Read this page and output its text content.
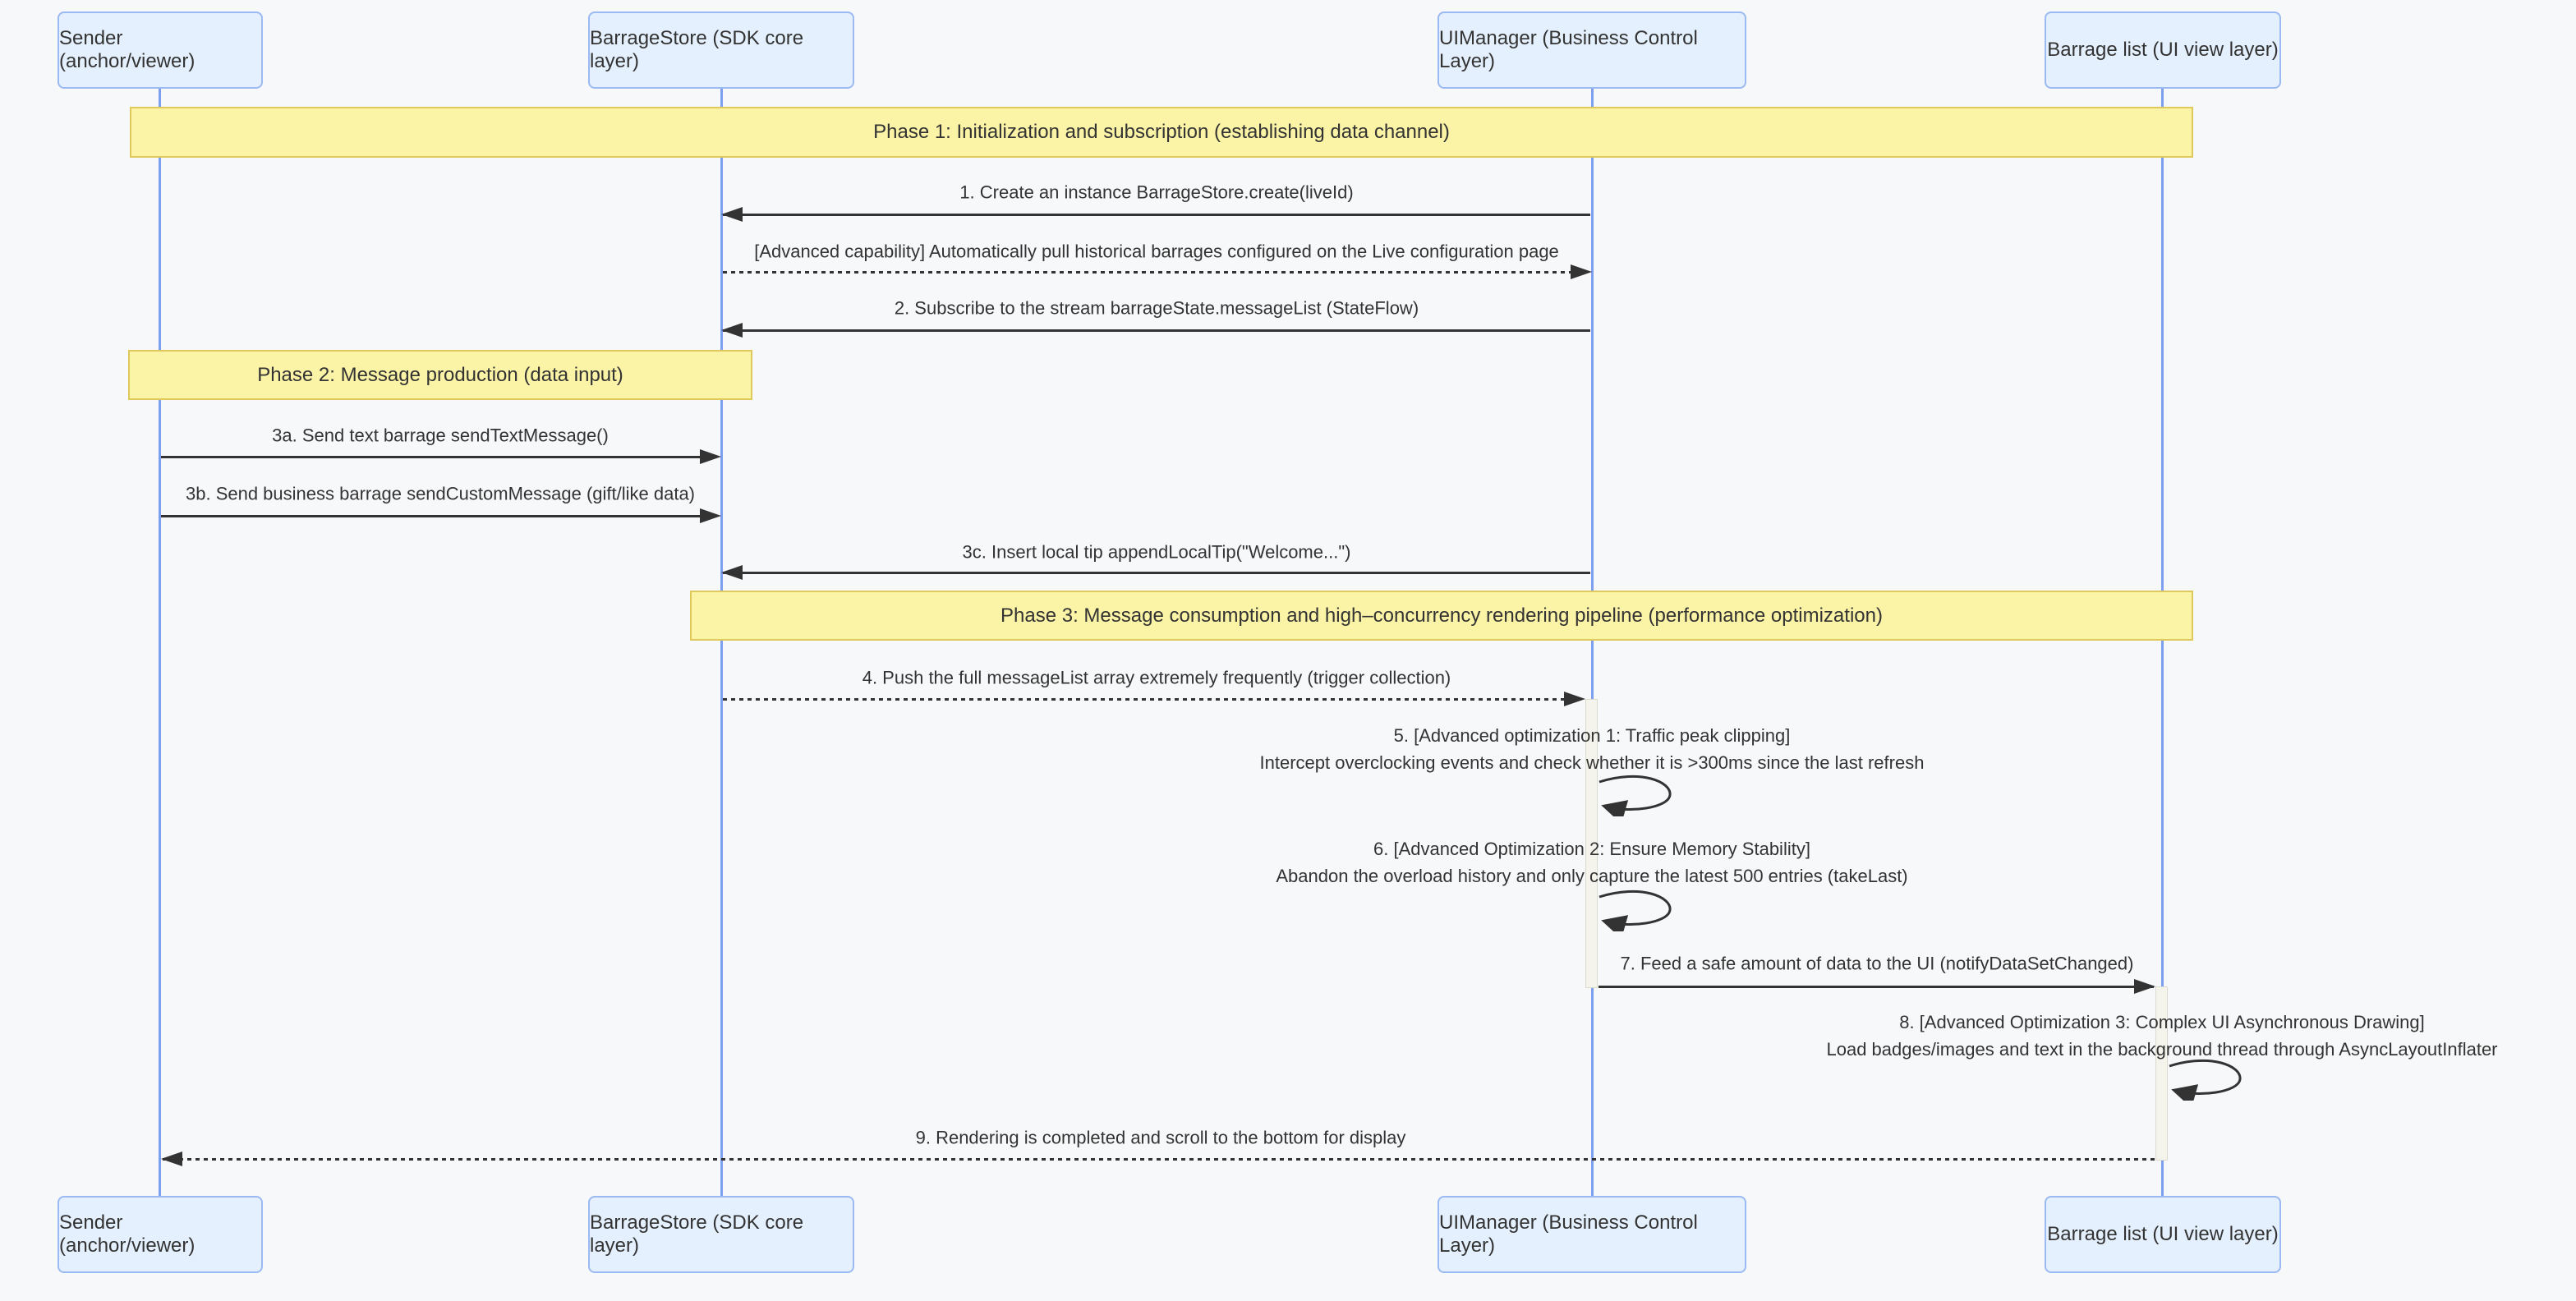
Phase 1: Initialization and subscription (establishing data channel)
Phase 2: Message production (data input)
Phase 3: Message consumption and high–concurrency rendering pipeline (performance optimization)
Sender (anchor/viewer)
BarrageStore (SDK core layer)
UIManager (Business Control Layer)
Barrage list (UI view layer)
Sender (anchor/viewer)
BarrageStore (SDK core layer)
UIManager (Business Control Layer)
Barrage list (UI view layer)
1. Create an instance BarrageStore.create(liveId)
[Advanced capability] Automatically pull historical barrages configured on the Live configuration page
2. Subscribe to the stream barrageState.messageList (StateFlow)
3a. Send text barrage sendTextMessage()
3b. Send business barrage sendCustomMessage (gift/like data)
3c. Insert local tip appendLocalTip("Welcome...")
4. Push the full messageList array extremely frequently (trigger collection)
5. [Advanced optimization 1: Traffic peak clipping]
Intercept overclocking events and check whether it is >300ms since the last refresh
6. [Advanced Optimization 2: Ensure Memory Stability]
Abandon the overload history and only capture the latest 500 entries (takeLast)
7. Feed a safe amount of data to the UI (notifyDataSetChanged)
8. [Advanced Optimization 3: Complex UI Asynchronous Drawing]
Load badges/images and text in the background thread through AsyncLayoutInflater
9. Rendering is completed and scroll to the bottom for display
